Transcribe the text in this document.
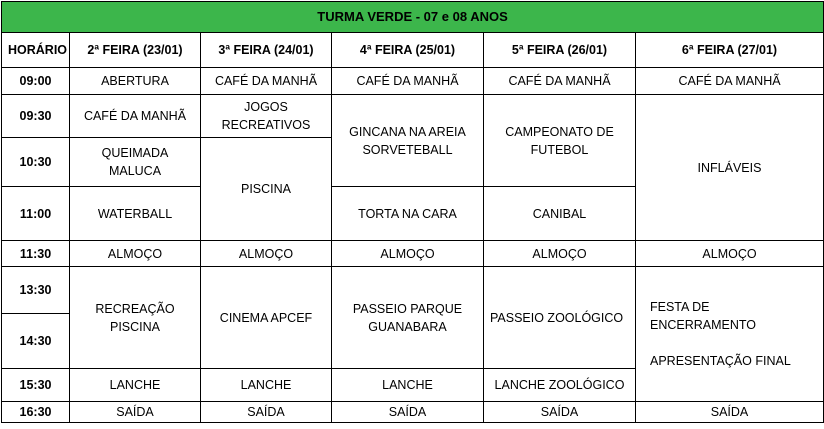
TURMA VERDE - 07 e 08 ANOS					
HORÁRIO	2ª FEIRA (23/01)	3ª FEIRA (24/01)	4ª FEIRA (25/01)	5ª FEIRA (26/01)	6ª FEIRA (27/01)
09:00	ABERTURA	CAFÉ DA MANHÃ	CAFÉ DA MANHÃ	CAFÉ DA MANHÃ	CAFÉ DA MANHÃ
09:30	CAFÉ DA MANHÃ	JOGOS RECREATIVOS	GINCANA NA AREIA SORVETEBALL	CAMPEONATO DE FUTEBOL	INFLÁVEIS
10:30	QUEIMADA MALUCA	PISCINA			
11:00	WATERBALL		TORTA NA CARA	CANIBAL	
11:30	ALMOÇO	ALMOÇO	ALMOÇO	ALMOÇO	ALMOÇO
13:30	RECREAÇÃO PISCINA	CINEMA APCEF	PASSEIO PARQUE GUANABARA	PASSEIO ZOOLÓGICO	FESTA DE ENCERRAMENTO
APRESENTAÇÃO FINAL

14:30					
15:30	LANCHE	LANCHE	LANCHE	LANCHE ZOOLÓGICO	
16:30	SAÍDA	SAÍDA	SAÍDA	SAÍDA	SAÍDA
